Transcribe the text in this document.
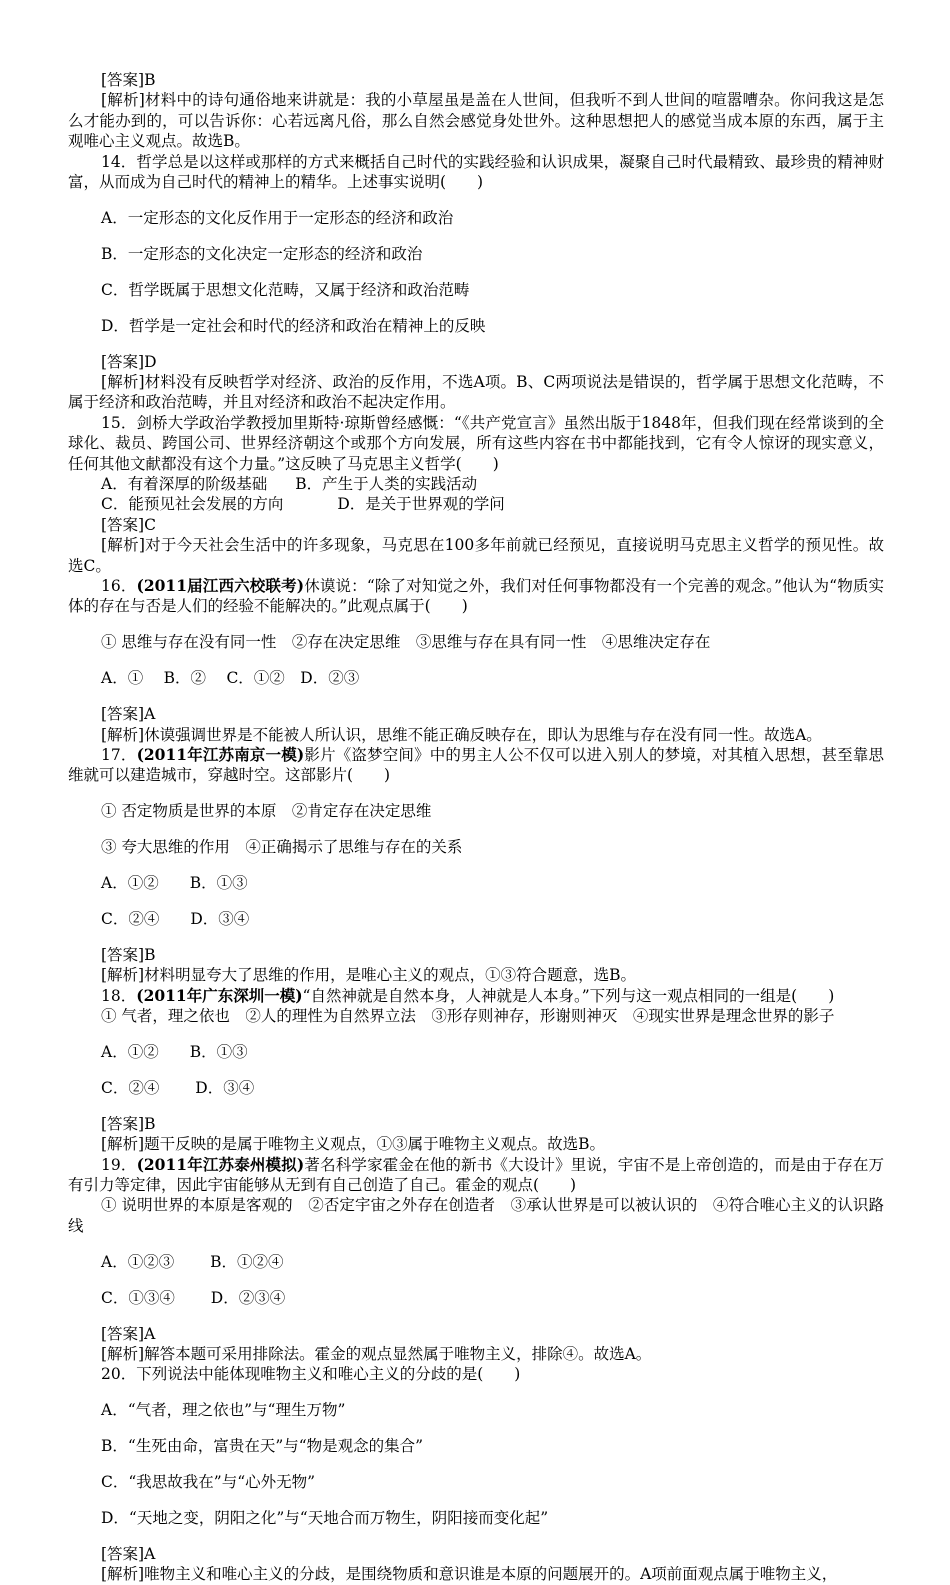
[答案]B

[解析]材料中的诗句通俗地来讲就是：我的小草屋虽是盖在人世间，但我听不到人世间的喧嚣嘈杂。你问我这是怎么才能办到的，可以告诉你：心若远离凡俗，那么自然会感觉身处世外。这种思想把人的感觉当成本原的东西，属于主观唯心主义观点。故选B。

14．哲学总是以这样或那样的方式来概括自己时代的实践经验和认识成果，凝聚自己时代最精致、最珍贵的精神财富，从而成为自己时代的精神上的精华。上述事实说明(　　)

A．一定形态的文化反作用于一定形态的经济和政治

B．一定形态的文化决定一定形态的经济和政治

C．哲学既属于思想文化范畴，又属于经济和政治范畴

D．哲学是一定社会和时代的经济和政治在精神上的反映

[答案]D

[解析]材料没有反映哲学对经济、政治的反作用，不选A项。B、C两项说法是错误的，哲学属于思想文化范畴，不属于经济和政治范畴，并且对经济和政治不起决定作用。

15．剑桥大学政治学教授加里斯特·琼斯曾经感慨：“《共产党宣言》虽然出版于1848年，但我们现在经常谈到的全球化、裁员、跨国公司、世界经济朝这个或那个方向发展，所有这些内容在书中都能找到，它有令人惊讶的现实意义，任何其他文献都没有这个力量。”这反映了马克思主义哲学(　　)

A．有着深厚的阶级基础 B．产生于人类的实践活动

C．能预见社会发展的方向	D．是关于世界观的学问

[答案]C

[解析]对于今天社会生活中的许多现象，马克思在100多年前就已经预见，直接说明马克思主义哲学的预见性。故选C。

16．(2011届江西六校联考)休谟说：“除了对知觉之外，我们对任何事物都没有一个完善的观念。”他认为“物质实体的存在与否是人们的经验不能解决的。”此观点属于(　　)

① 思维与存在没有同一性　②存在决定思维　③思维与存在具有同一性　④思维决定存在

A．①　 B．②　 C．①②　D．②③

[答案]A

[解析]休谟强调世界是不能被人所认识，思维不能正确反映存在，即认为思维与存在没有同一性。故选A。

17．(2011年江苏南京一模)影片《盗梦空间》中的男主人公不仅可以进入别人的梦境，对其植入思想，甚至靠思维就可以建造城市，穿越时空。这部影片(　　)

① 否定物质是世界的本原　②肯定存在决定思维

③ 夸大思维的作用　④正确揭示了思维与存在的关系

A．①②　　B．①③

C．②④　　D．③④

[答案]B

[解析]材料明显夸大了思维的作用，是唯心主义的观点，①③符合题意，选B。

18．(2011年广东深圳一模)“自然神就是自然本身，人神就是人本身。”下列与这一观点相同的一组是(　　)

① 气者，理之依也　②人的理性为自然界立法　③形存则神存，形谢则神灭　④现实世界是理念世界的影子

A．①②　　B．①③

C．②④　　 D．③④

[答案]B

[解析]题干反映的是属于唯物主义观点，①③属于唯物主义观点。故选B。

19．(2011年江苏泰州模拟)著名科学家霍金在他的新书《大设计》里说，宇宙不是上帝创造的，而是由于存在万有引力等定律，因此宇宙能够从无到有自己创造了自己。霍金的观点(　　)

① 说明世界的本原是客观的　②否定宇宙之外存在创造者　③承认世界是可以被认识的　④符合唯心主义的认识路线

A．①②③　　 B．①②④

C．①③④　　 D．②③④

[答案]A

[解析]解答本题可采用排除法。霍金的观点显然属于唯物主义，排除④。故选A。

20．下列说法中能体现唯物主义和唯心主义的分歧的是(　　)

A．“气者，理之依也”与“理生万物”

B．“生死由命，富贵在天”与“物是观念的集合”

C．“我思故我在”与“心外无物”

D．“天地之变，阴阳之化”与“天地合而万物生，阴阳接而变化起”

[答案]A

[解析]唯物主义和唯心主义的分歧，是围绕物质和意识谁是本原的问题展开的。A项前面观点属于唯物主义，
